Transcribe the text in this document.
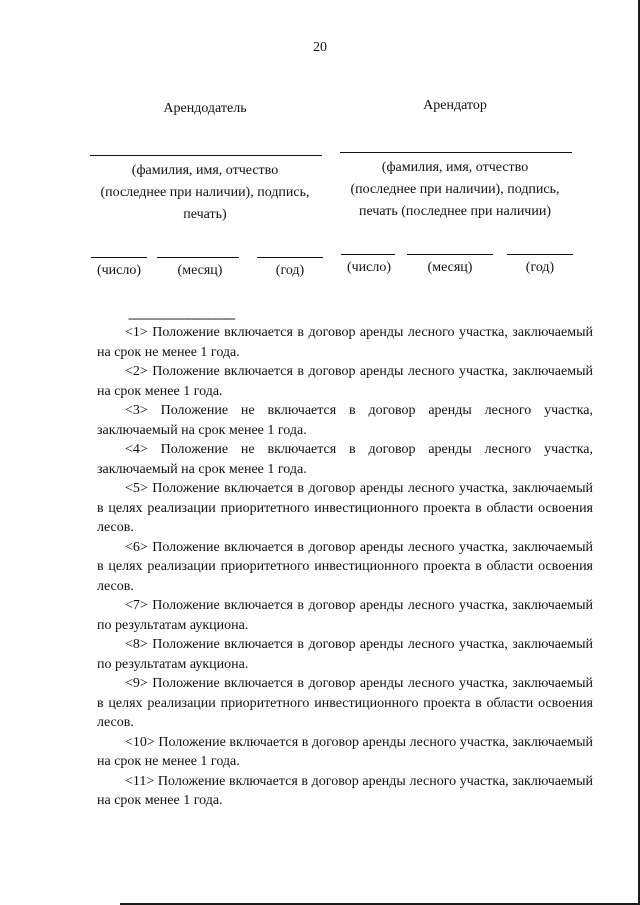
20
Арендодатель
(фамилия, имя, отчество
(последнее при наличии), подпись,
печать)
(число)	(месяц)	(год)
Арендатор
(фамилия, имя, отчество
(последнее при наличии), подпись,
печать (последнее при наличии)
(число)	(месяц)	(год)
--------------------------------

<1> Положение включается в договор аренды лесного участка, заключаемый на срок не менее 1 года.

<2> Положение включается в договор аренды лесного участка, заключаемый на срок менее 1 года.

<3> Положение не включается в договор аренды лесного участка, заключаемый на срок менее 1 года.

<4> Положение не включается в договор аренды лесного участка, заключаемый на срок менее 1 года.

<5> Положение включается в договор аренды лесного участка, заключаемый в целях реализации приоритетного инвестиционного проекта в области освоения лесов.

<6> Положение включается в договор аренды лесного участка, заключаемый в целях реализации приоритетного инвестиционного проекта в области освоения лесов.

<7> Положение включается в договор аренды лесного участка, заключаемый по результатам аукциона.

<8> Положение включается в договор аренды лесного участка, заключаемый по результатам аукциона.

<9> Положение включается в договор аренды лесного участка, заключаемый в целях реализации приоритетного инвестиционного проекта в области освоения лесов.

<10> Положение включается в договор аренды лесного участка, заключаемый на срок не менее 1 года.

<11> Положение включается в договор аренды лесного участка, заключаемый на срок менее 1 года.
